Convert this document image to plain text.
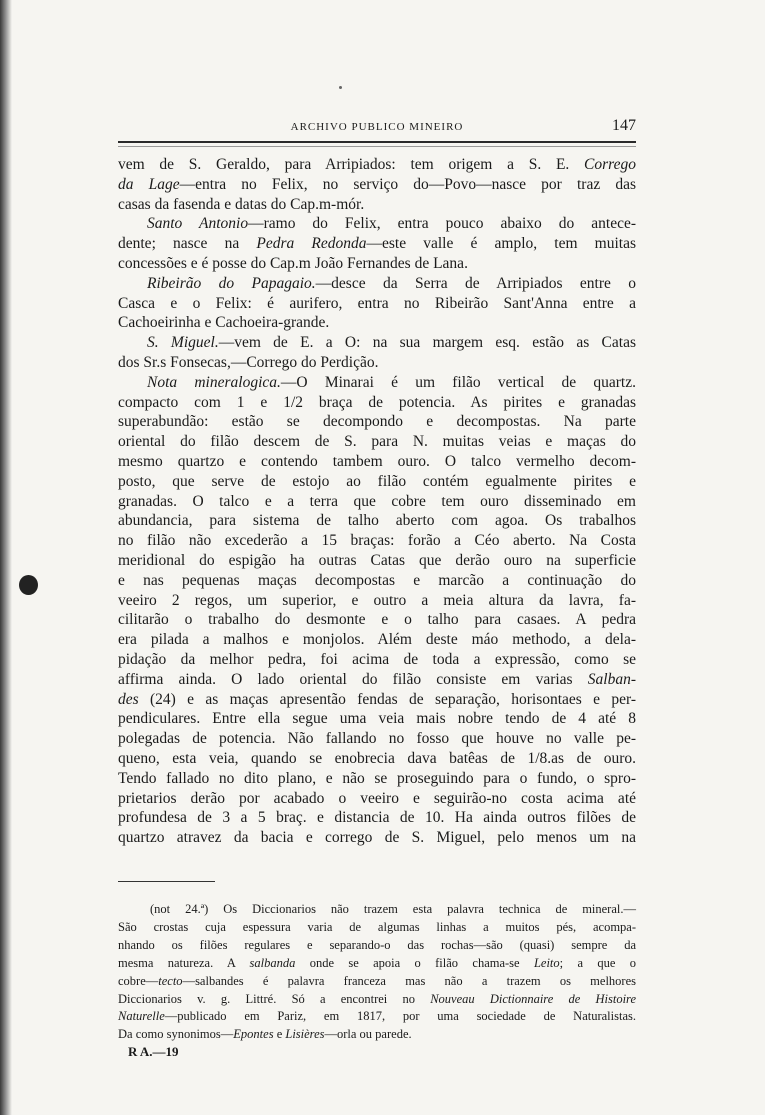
ARCHIVO PUBLICO MINEIRO	147
vem de S. Geraldo, para Arripiados: tem origem a S. E. Corrego
da Lage—entra no Felix, no serviço do—Povo—nasce por traz das
casas da fasenda e datas do Cap.m-mór.
Santo Antonio—ramo do Felix, entra pouco abaixo do antece-
dente; nasce na Pedra Redonda—este valle é amplo, tem muitas
concessões e é posse do Cap.m João Fernandes de Lana.
Ribeirão do Papagaio.—desce da Serra de Arripiados entre o
Casca e o Felix: é aurifero, entra no Ribeirão Sant'Anna entre a
Cachoeirinha e Cachoeira-grande.
S. Miguel.—vem de E. a O: na sua margem esq. estão as Catas
dos Sr.s Fonsecas,—Corrego do Perdição.
Nota mineralogica.—O Minarai é um filão vertical de quartz.
compacto com 1 e 1/2 braça de potencia. As pirites e granadas
superabundão: estão se decompondo e decompostas. Na parte
oriental do filão descem de S. para N. muitas veias e maças do
mesmo quartzo e contendo tambem ouro. O talco vermelho decom-
posto, que serve de estojo ao filão contém egualmente pirites e
granadas. O talco e a terra que cobre tem ouro disseminado em
abundancia, para sistema de talho aberto com agoa. Os trabalhos
no filão não excederão a 15 braças: forão a Céo aberto. Na Costa
meridional do espigão ha outras Catas que derão ouro na superficie
e nas pequenas maças decompostas e marcão a continuação do
veeiro 2 regos, um superior, e outro a meia altura da lavra, fa-
cilitarão o trabalho do desmonte e o talho para casaes. A pedra
era pilada a malhos e monjolos. Além deste máo methodo, a dela-
pidação da melhor pedra, foi acima de toda a expressão, como se
affirma ainda. O lado oriental do filão consiste em varias Salban-
des (24) e as maças apresentão fendas de separação, horisontaes e per-
pendiculares. Entre ella segue uma veia mais nobre tendo de 4 até 8
polegadas de potencia. Não fallando no fosso que houve no valle pe-
queno, esta veia, quando se enobrecia dava batêas de 1/8.as de ouro.
Tendo fallado no dito plano, e não se proseguindo para o fundo, o spro-
prietarios derão por acabado o veeiro e seguirão-no costa acima até
profundesa de 3 a 5 braç. e distancia de 10. Ha ainda outros filões de
quartzo atravez da bacia e corrego de S. Miguel, pelo menos um na
(not 24.ª) Os Diccionarios não trazem esta palavra technica de mineral.—
São crostas cuja espessura varia de algumas linhas a muitos pés, acompa-
nhando os filões regulares e separando-o das rochas—são (quasi) sempre da
mesma natureza. A salbanda onde se apoia o filão chama-se Leito; a que o
cobre—tecto—salbandes é palavra franceza mas não a trazem os melhores
Diccionarios v. g. Littré. Só a encontrei no Nouveau Dictionnaire de Histoire
Naturelle—publicado em Pariz, em 1817, por uma sociedade de Naturalistas.
Da como synonimos—Epontes e Lisières—orla ou parede.
R A.—19
